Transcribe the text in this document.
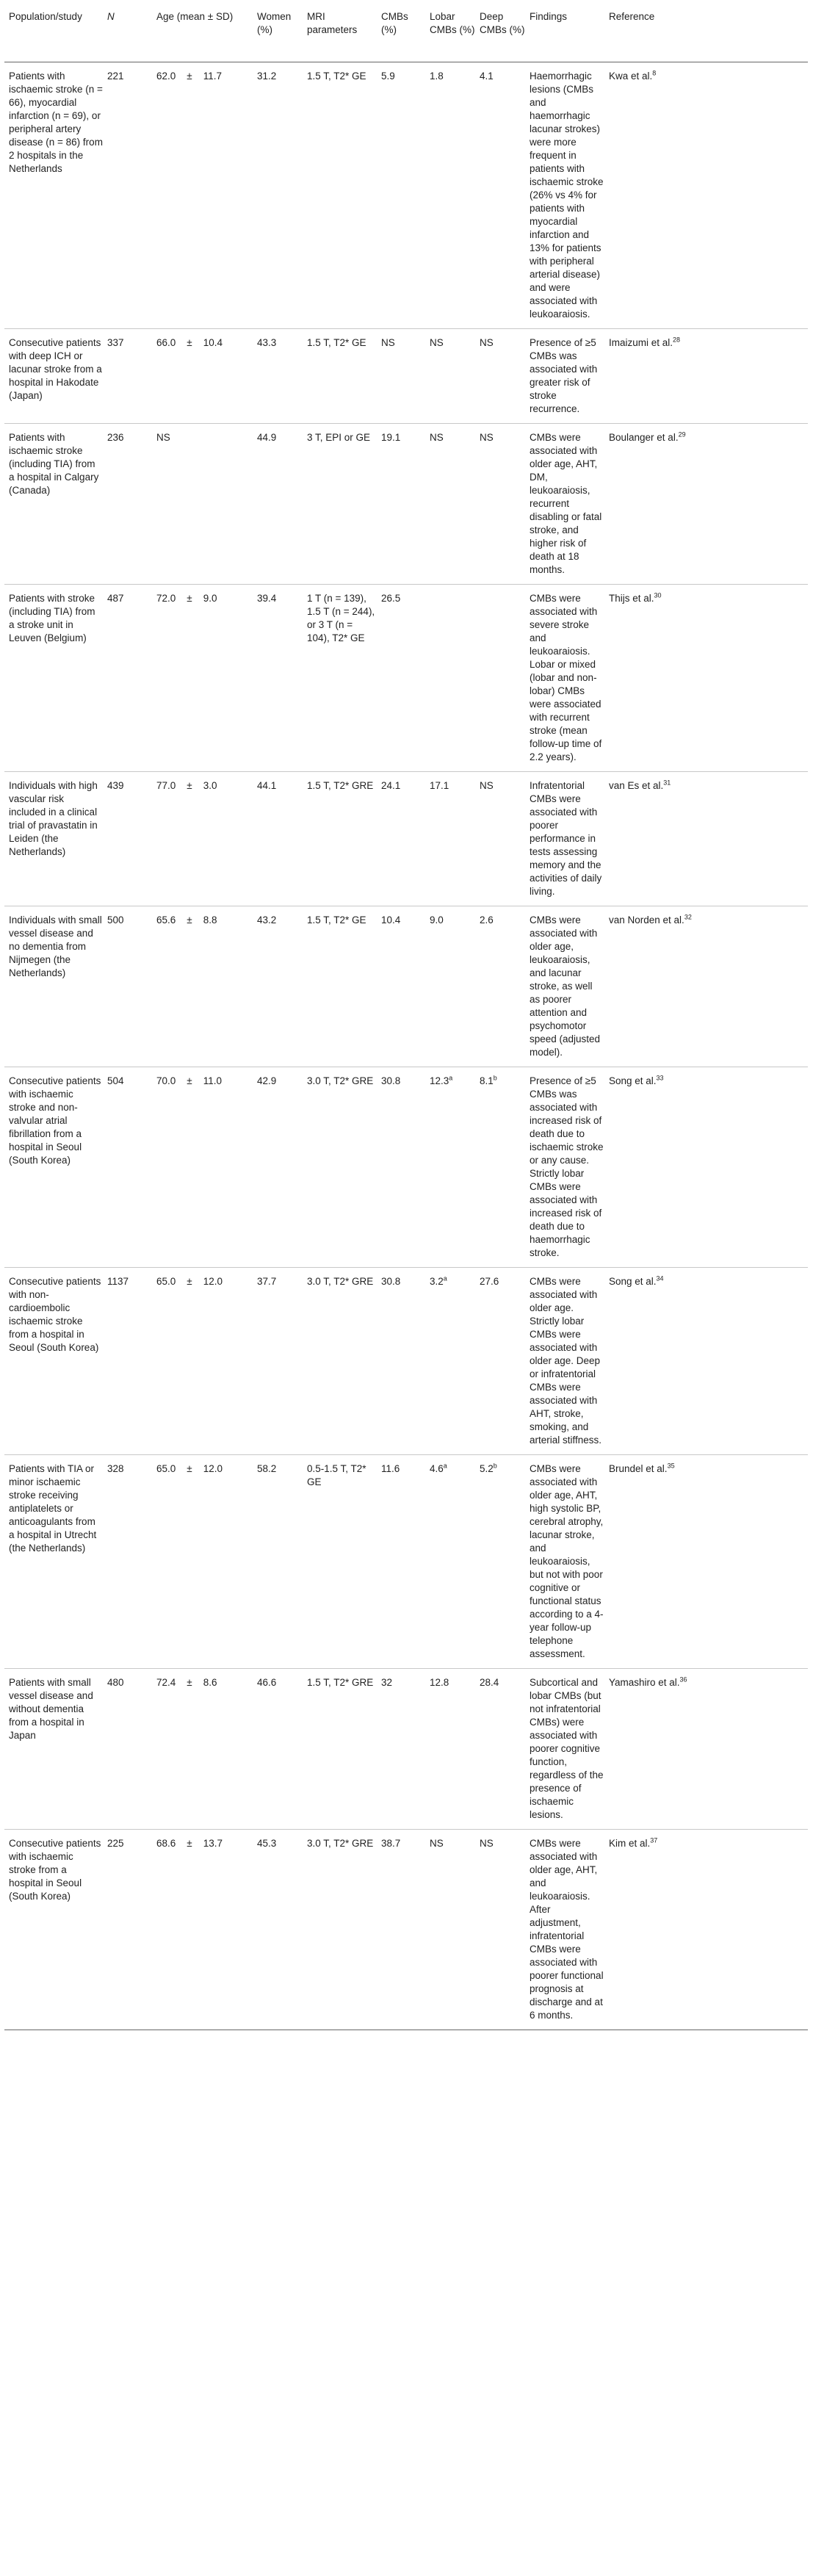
Population/study	N	Age (mean ± SD)	Women (%)	MRI parameters	CMBs (%)	Lobar CMBs (%)	Deep CMBs (%)	Findings	Reference
Patients with ischaemic stroke (n = 66), myocardial infarction (n = 69), or peripheral artery disease (n = 86) from 2 hospitals in the Netherlands	221	62.0 ± 11.7	31.2	1.5 T, T2* GE	5.9	1.8	4.1	Haemorrhagic lesions (CMBs and haemorrhagic lacunar strokes) were more frequent in patients with ischaemic stroke (26% vs 4% for patients with myocardial infarction and 13% for patients with peripheral arterial disease) and were associated with leukoaraiosis.	Kwa et al.$^8$
Consecutive patients with deep ICH or lacunar stroke from a hospital in Hakodate (Japan)	337	66.0 ± 10.4	43.3	1.5 T, T2* GE	NS	NS	NS	Presence of ≥5 CMBs was associated with greater risk of stroke recurrence.	Imaizumi et al.$^{28}$
Patients with ischaemic stroke (including TIA) from a hospital in Calgary (Canada)	236	NS	44.9	3 T, EPI or GE	19.1	NS	NS	CMBs were associated with older age, AHT, DM, leukoaraiosis, recurrent disabling or fatal stroke, and higher risk of death at 18 months.	Boulanger et al.$^{29}$
Patients with stroke (including TIA) from a stroke unit in Leuven (Belgium)	487	72.0 ± 9.0	39.4	1 T (n = 139), 1.5 T (n = 244), or 3 T (n = 104), T2* GE	26.5			CMBs were associated with severe stroke and leukoaraiosis. Lobar or mixed (lobar and non-lobar) CMBs were associated with recurrent stroke (mean follow-up time of 2.2 years).	Thijs et al.$^{30}$
Individuals with high vascular risk included in a clinical trial of pravastatin in Leiden (the Netherlands)	439	77.0 ± 3.0	44.1	1.5 T, T2* GRE	24.1	17.1	NS	Infratentorial CMBs were associated with poorer performance in tests assessing memory and the activities of daily living.	van Es et al.$^{31}$
Individuals with small vessel disease and no dementia from Nijmegen (the Netherlands)	500	65.6 ± 8.8	43.2	1.5 T, T2* GE	10.4	9.0	2.6	CMBs were associated with older age, leukoaraiosis, and lacunar stroke, as well as poorer attention and psychomotor speed (adjusted model).	van Norden et al.$^{32}$
Consecutive patients with ischaemic stroke and non-valvular atrial fibrillation from a hospital in Seoul (South Korea)	504	70.0 ± 11.0	42.9	3.0 T, T2* GRE	30.8	12.3$^a$	8.1$^b$	Presence of ≥5 CMBs was associated with increased risk of death due to ischaemic stroke or any cause. Strictly lobar CMBs were associated with increased risk of death due to haemorrhagic stroke.	Song et al.$^{33}$
Consecutive patients with non-cardioembolic ischaemic stroke from a hospital in Seoul (South Korea)	1137	65.0 ± 12.0	37.7	3.0 T, T2* GRE	30.8	3.2$^a$	27.6	CMBs were associated with older age. Strictly lobar CMBs were associated with older age. Deep or infratentorial CMBs were associated with AHT, stroke, smoking, and arterial stiffness.	Song et al.$^{34}$
Patients with TIA or minor ischaemic stroke receiving antiplatelets or anticoagulants from a hospital in Utrecht (the Netherlands)	328	65.0 ± 12.0	58.2	0.5-1.5 T, T2* GE	11.6	4.6$^a$	5.2$^b$	CMBs were associated with older age, AHT, high systolic BP, cerebral atrophy, lacunar stroke, and leukoaraiosis, but not with poor cognitive or functional status according to a 4-year follow-up telephone assessment.	Brundel et al.$^{35}$
Patients with small vessel disease and without dementia from a hospital in Japan	480	72.4 ± 8.6	46.6	1.5 T, T2* GRE	32	12.8	28.4	Subcortical and lobar CMBs (but not infratentorial CMBs) were associated with poorer cognitive function, regardless of the presence of ischaemic lesions.	Yamashiro et al.$^{36}$
Consecutive patients with ischaemic stroke from a hospital in Seoul (South Korea)	225	68.6 ± 13.7	45.3	3.0 T, T2* GRE	38.7	NS	NS	CMBs were associated with older age, AHT, and leukoaraiosis. After adjustment, infratentorial CMBs were associated with poorer functional prognosis at discharge and at 6 months.	Kim et al.$^{37}$
